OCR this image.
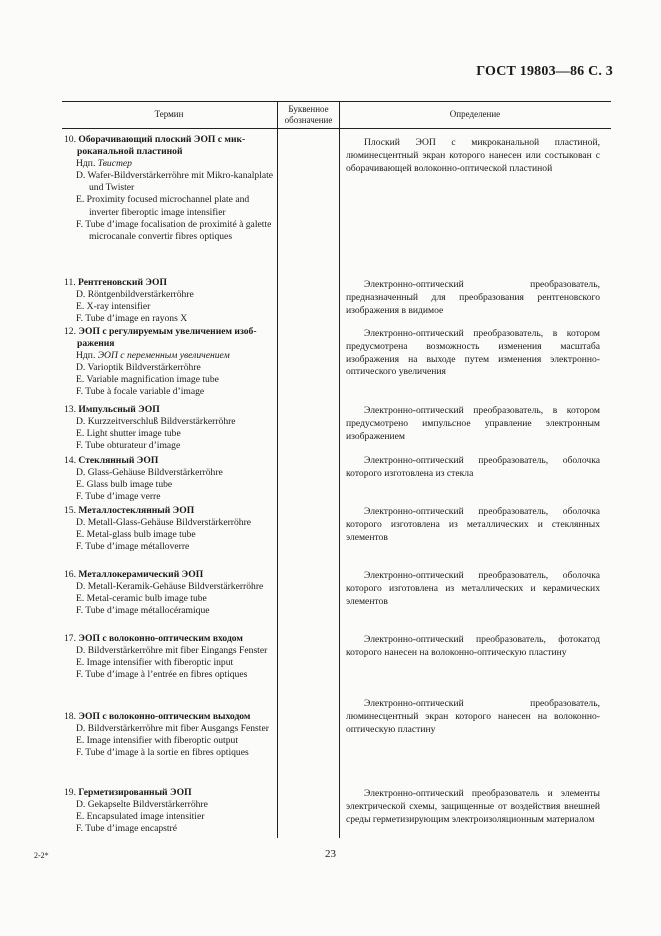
ГОСТ 19803—86 С. 3
Термин
Буквенное обозначение
Определение
10. Оборачивающий плоский ЭОП с мик-
роканальной пластиной
Ндп. Твистер
D. Wafer-Bildverstärkerröhre mit Mikro-kanalplate und Twister
E. Proximity focused microchannel plate and inverter fiberoptic image intensifier
F. Tube d’image focalisation de proximité à galette microcanale convertir fibres optiques
11. Рентгеновский ЭОП
D. Röntgenbildverstärkerröhre
E. X-ray intensifier
F. Tube d’image en rayons X
12. ЭОП с регулируемым увеличением изоб-
ражения
Ндп. ЭОП с переменным увеличением
D. Varioptik Bildverstärkerröhre
E. Variable magnification image tube
F. Tube à focale variable d’image
13. Импульсный ЭОП
D. Kurzzeitverschluß Bildverstärkerröhre
E. Light shutter image tube
F. Tube obturateur d’image
14. Стеклянный ЭОП
D. Glass-Gehäuse Bildverstärkerröhre
E. Glass bulb image tube
F. Tube d’image verre
15. Металлостеклянный ЭОП
D. Metall-Glass-Gehäuse Bildverstärkerröhre
E. Metal-glass bulb image tube
F. Tube d’image métalloverre
16. Металлокерамический ЭОП
D. Metall-Keramik-Gehäuse Bildverstärkerröhre
E. Metal-ceramic bulb image tube
F. Tube d’image métallocéramique
17. ЭОП с волоконно-оптическим входом
D. Bildverstärkerröhre mit fiber Eingangs Fenster
E. Image intensifier with fiberoptic input
F. Tube d’image à l’entrée en fibres optiques
18. ЭОП с волоконно-оптическим выходом
D. Bildverstärkerröhre mit fiber Ausgangs Fenster
E. Image intensifier with fiberoptic output
F. Tube d’image à la sortie en fibres optiques
19. Герметизированный ЭОП
D. Gekapselte Bildverstärkerröhre
E. Encapsulated image intensitier
F. Tube d’image encapstré
Плоский ЭОП с микроканальной пластиной, люминесцентный экран которого нанесен или состыкован с оборачивающей волоконно-оптической пластиной
Электронно-оптический преобразователь, предназначенный для преобразования рентгеновского изображения в видимое
Электронно-оптический преобразователь, в котором предусмотрена возможность изменения масштаба изображения на выходе путем изменения электронно-оптического увеличения
Электронно-оптический преобразователь, в котором предусмотрено импульсное управление электронным изображением
Электронно-оптический преобразователь, оболочка которого изготовлена из стекла
Электронно-оптический преобразователь, оболочка которого изготовлена из металлических и стеклянных элементов
Электронно-оптический преобразователь, оболочка которого изготовлена из металлических и керамических элементов
Электронно-оптический преобразователь, фотокатод которого нанесен на волоконно-оптическую пластину
Электронно-оптический преобразователь, люминесцентный экран которого нанесен на волоконно-оптическую пластину
Электронно-оптический преобразователь и элементы электрической схемы, защищенные от воздействия внешней среды герметизирующим электроизоляционным материалом
2-2*	23
